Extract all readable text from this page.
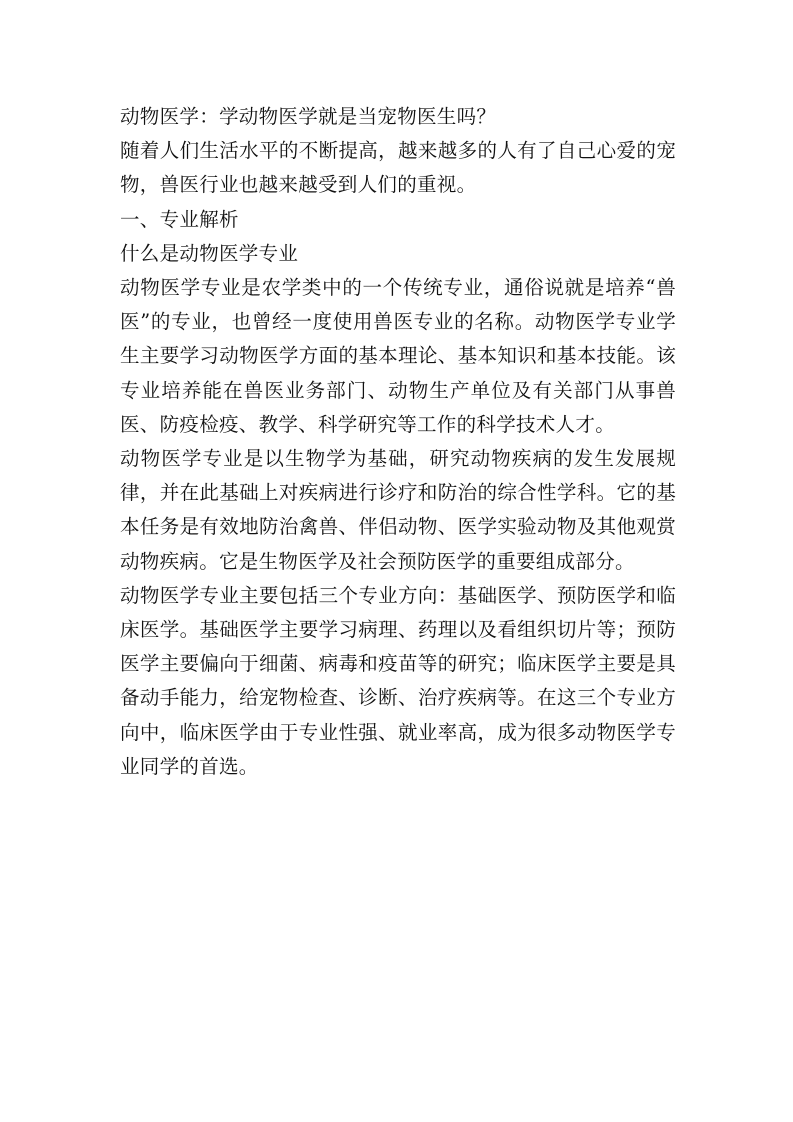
动物医学：学动物医学就是当宠物医生吗？

随着人们生活水平的不断提高，越来越多的人有了自己心爱的宠物，兽医行业也越来越受到人们的重视。

一、专业解析

什么是动物医学专业

动物医学专业是农学类中的一个传统专业，通俗说就是培养“兽医”的专业，也曾经一度使用兽医专业的名称。动物医学专业学生主要学习动物医学方面的基本理论、基本知识和基本技能。该专业培养能在兽医业务部门、动物生产单位及有关部门从事兽医、防疫检疫、教学、科学研究等工作的科学技术人才。

动物医学专业是以生物学为基础，研究动物疾病的发生发展规律，并在此基础上对疾病进行诊疗和防治的综合性学科。它的基本任务是有效地防治禽兽、伴侣动物、医学实验动物及其他观赏动物疾病。它是生物医学及社会预防医学的重要组成部分。

动物医学专业主要包括三个专业方向：基础医学、预防医学和临床医学。基础医学主要学习病理、药理以及看组织切片等；预防医学主要偏向于细菌、病毒和疫苗等的研究；临床医学主要是具备动手能力，给宠物检查、诊断、治疗疾病等。在这三个专业方向中，临床医学由于专业性强、就业率高，成为很多动物医学专业同学的首选。
